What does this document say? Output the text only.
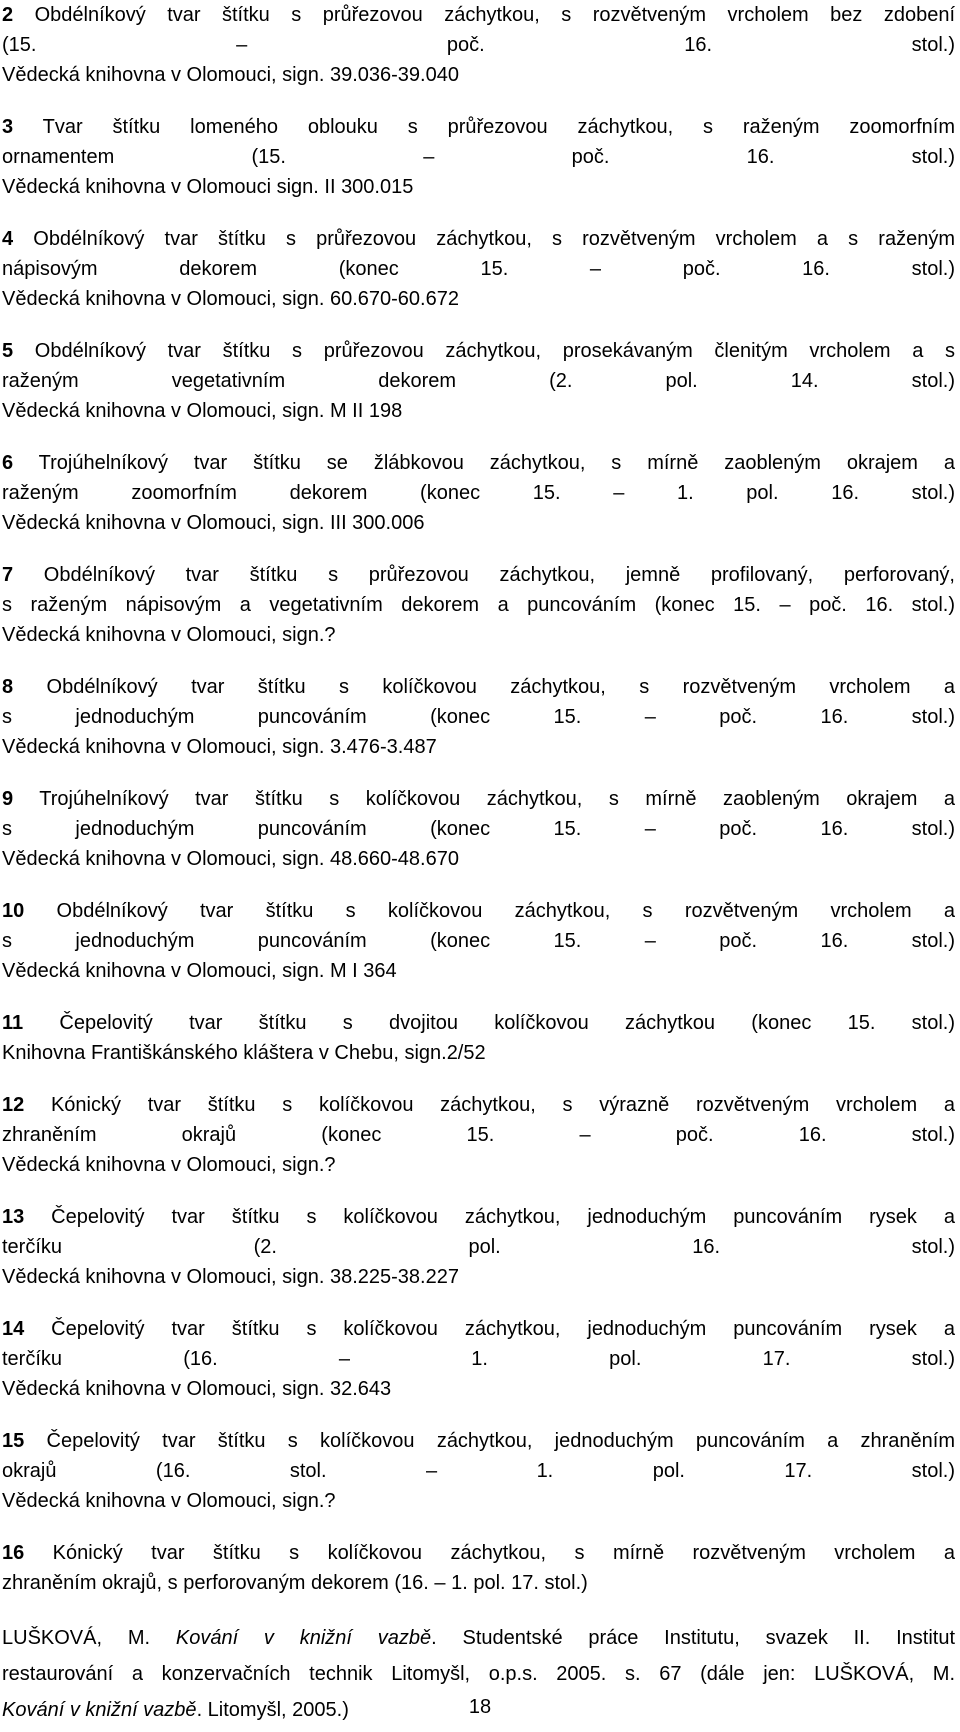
2 Obdélníkový tvar štítku s průřezovou záchytkou, s rozvětveným vrcholem bez zdobení
(15. – poč. 16. stol.)
Vědecká knihovna v Olomouci, sign. 39.036-39.040
3 Tvar štítku lomeného oblouku s průřezovou záchytkou, s raženým zoomorfním
ornamentem (15. – poč. 16. stol.)
Vědecká knihovna v Olomouci sign. II 300.015
4 Obdélníkový tvar štítku s průřezovou záchytkou, s rozvětveným vrcholem a s raženým
nápisovým dekorem (konec 15. – poč. 16. stol.)
Vědecká knihovna v Olomouci, sign. 60.670-60.672
5 Obdélníkový tvar štítku s průřezovou záchytkou, prosekávaným členitým vrcholem a s
raženým vegetativním dekorem (2. pol. 14. stol.)
Vědecká knihovna v Olomouci, sign. M II 198
6 Trojúhelníkový tvar štítku se žlábkovou záchytkou, s mírně zaobleným okrajem a
raženým zoomorfním dekorem (konec 15. – 1. pol. 16. stol.)
Vědecká knihovna v Olomouci, sign. III 300.006
7 Obdélníkový tvar štítku s průřezovou záchytkou, jemně profilovaný, perforovaný,
s raženým nápisovým a vegetativním dekorem a puncováním (konec 15. – poč. 16. stol.)
Vědecká knihovna v Olomouci, sign.?
8 Obdélníkový tvar štítku s kolíčkovou záchytkou, s rozvětveným vrcholem a
s jednoduchým puncováním (konec 15. – poč. 16. stol.)
Vědecká knihovna v Olomouci, sign. 3.476-3.487
9 Trojúhelníkový tvar štítku s kolíčkovou záchytkou, s mírně zaobleným okrajem a
s jednoduchým puncováním (konec 15. – poč. 16. stol.)
Vědecká knihovna v Olomouci, sign. 48.660-48.670
10 Obdélníkový tvar štítku s kolíčkovou záchytkou, s rozvětveným vrcholem a
s jednoduchým puncováním (konec 15. – poč. 16. stol.)
Vědecká knihovna v Olomouci, sign. M I 364
11 Čepelovitý tvar štítku s dvojitou kolíčkovou záchytkou (konec 15. stol.)
Knihovna Františkánského kláštera v Chebu, sign.2/52
12 Kónický tvar štítku s kolíčkovou záchytkou, s výrazně rozvětveným vrcholem a
zhraněním okrajů (konec 15. – poč. 16. stol.)
Vědecká knihovna v Olomouci, sign.?
13 Čepelovitý tvar štítku s kolíčkovou záchytkou, jednoduchým puncováním rysek a
terčíku (2. pol. 16. stol.)
Vědecká knihovna v Olomouci, sign. 38.225-38.227
14 Čepelovitý tvar štítku s kolíčkovou záchytkou, jednoduchým puncováním rysek a
terčíku (16. – 1. pol. 17. stol.)
Vědecká knihovna v Olomouci, sign. 32.643
15 Čepelovitý tvar štítku s kolíčkovou záchytkou, jednoduchým puncováním a zhraněním
okrajů (16. stol. – 1. pol. 17. stol.)
Vědecká knihovna v Olomouci, sign.?
16 Kónický tvar štítku s kolíčkovou záchytkou, s mírně rozvětveným vrcholem a
zhraněním okrajů, s perforovaným dekorem (16. – 1. pol. 17. stol.)
LUŠKOVÁ, M. Kování v knižní vazbě. Studentské práce Institutu, svazek II. Institut
restaurování a konzervačních technik Litomyšl, o.p.s. 2005. s. 67 (dále jen: LUŠKOVÁ, M.
Kování v knižní vazbě. Litomyšl, 2005.)	18
